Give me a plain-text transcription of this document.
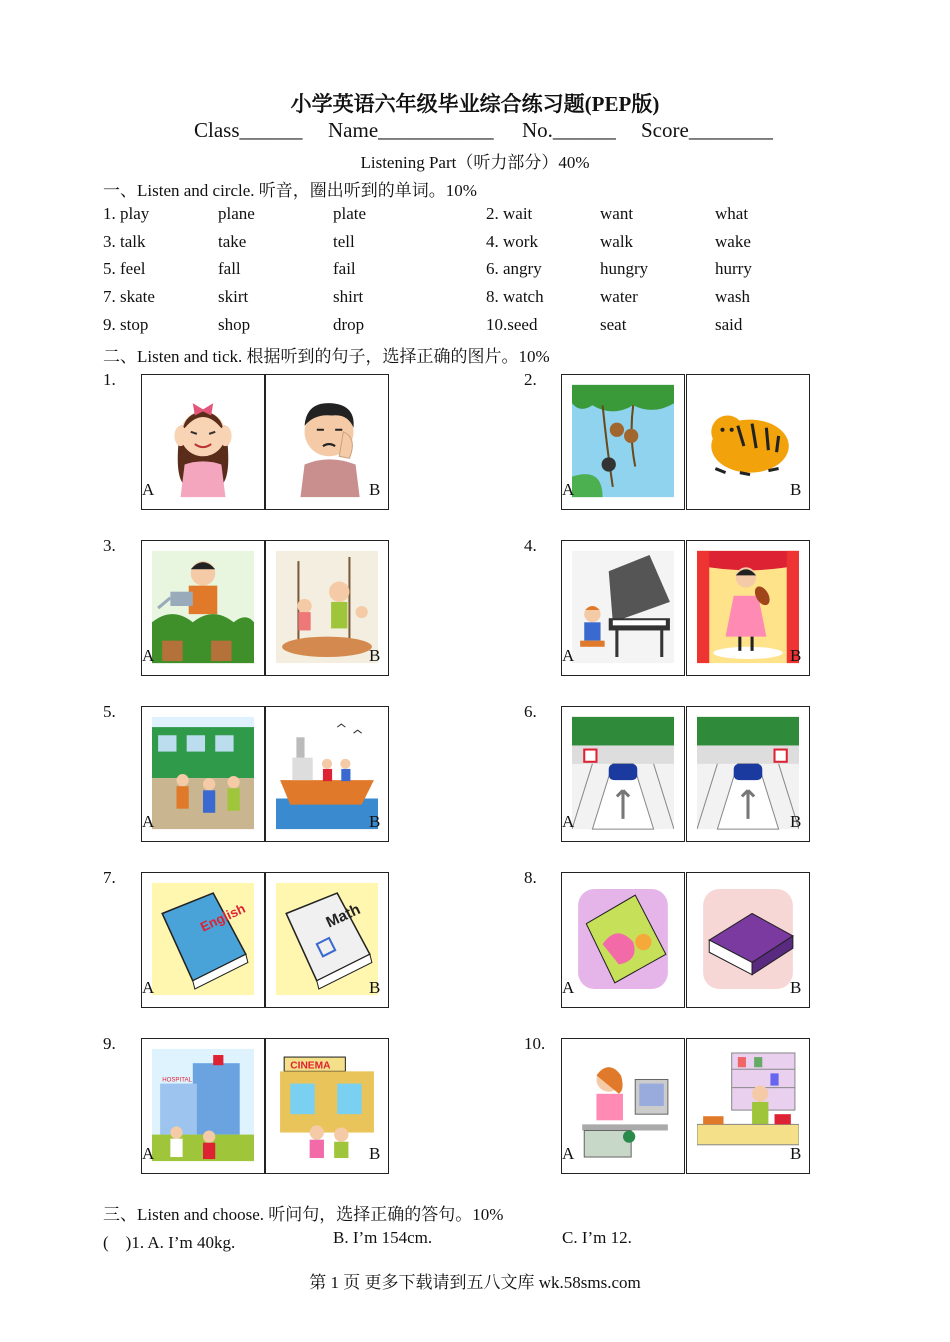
小学英语六年级毕业综合练习题(PEP版)
Class______ Name___________ No.______ Score________
Listening Part（听力部分）40%
一、Listen and circle. 听音，圈出听到的单词。10%
1. play	plane	plate	2. wait	want	what
3. talk	take	tell	4. work	walk	wake
5. feel	fall	fail	6. angry	hungry	hurry
7. skate	skirt	shirt	8. watch	water	wash
9. stop	shop	drop	10.seed	seat	said
二、Listen and tick. 根据听到的句子，选择正确的图片。10%
1.
A	B
2.
A	B
3.
A	B
4.
A	B
5.
A	B
6.
A	B
7.
English	Math
A	B
8.
A	B
9.
HOSPITAL
CINEMA
A	B
10.
A	B
三、Listen and choose. 听问句，选择正确的答句。10%
(　)1. A. I’m 40kg.	B. I’m 154cm.	C. I’m 12.
第 1 页 更多下载请到五八文库 wk.58sms.com
